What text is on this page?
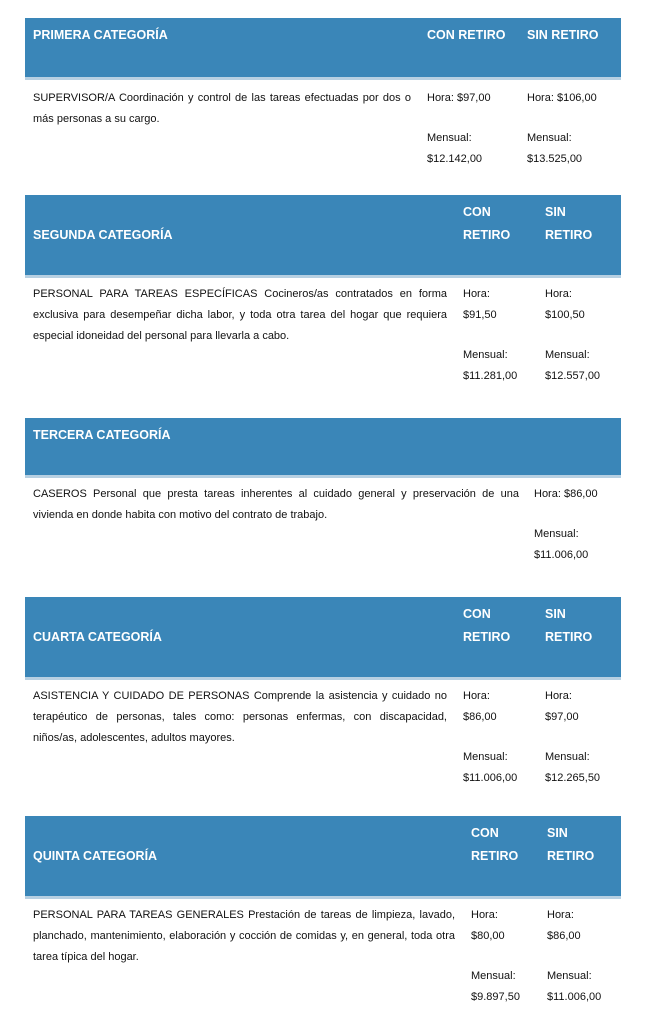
PRIMERA CATEGORÍA	CON RETIRO SIN RETIRO
SUPERVISOR/A Coordinación y control de las tareas efectuadas por dos o más personas a su cargo.
Hora: $97,00
Mensual:
$12.142,00
Hora: $106,00
Mensual:
$13.525,00
SEGUNDA CATEGORÍA
CON
RETIRO
SIN
RETIRO
PERSONAL PARA TAREAS ESPECÍFICAS Cocineros/as contratados en forma exclusiva para desempeñar dicha labor, y toda otra tarea del hogar que requiera especial idoneidad del personal para llevarla a cabo.
Hora:
$91,50
Mensual:
$11.281,00
Hora:
$100,50
Mensual:
$12.557,00
TERCERA CATEGORÍA
CASEROS Personal que presta tareas inherentes al cuidado general y preservación de una vivienda en donde habita con motivo del contrato de trabajo.
Hora: $86,00
Mensual:
$11.006,00
CUARTA CATEGORÍA
CON
RETIRO
SIN
RETIRO
ASISTENCIA Y CUIDADO DE PERSONAS Comprende la asistencia y cuidado no terapéutico de personas, tales como: personas enfermas, con discapacidad, niños/as, adolescentes, adultos mayores.
Hora:
$86,00
Mensual:
$11.006,00
Hora:
$97,00
Mensual:
$12.265,50
QUINTA CATEGORÍA
CON
RETIRO
SIN
RETIRO
PERSONAL PARA TAREAS GENERALES Prestación de tareas de limpieza, lavado, planchado, mantenimiento, elaboración y cocción de comidas y, en general, toda otra tarea típica del hogar.
Hora:
$80,00
Mensual:
$9.897,50
Hora:
$86,00
Mensual:
$11.006,00
